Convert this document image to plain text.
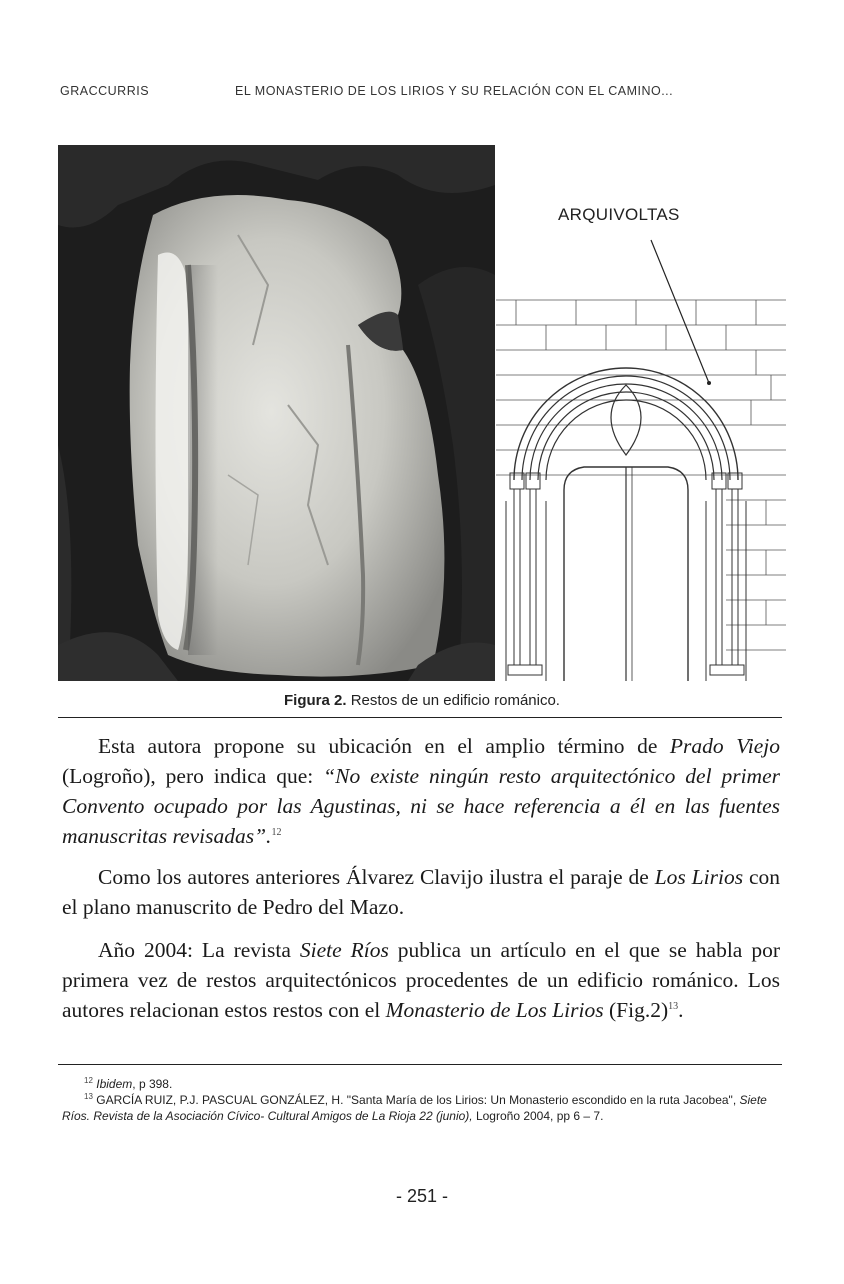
GRACCURRIS	EL MONASTERIO DE LOS LIRIOS Y SU RELACIÓN CON EL CAMINO...
ARQUIVOLTAS
Figura 2. Restos de un edificio románico.
Esta autora propone su ubicación en el amplio término de Prado Viejo (Logroño), pero indica que: “No existe ningún resto arquitectónico del primer Convento ocupado por las Agustinas, ni se hace referencia a él en las fuentes manuscritas revisadas”.$^{12}$
Como los autores anteriores Álvarez Clavijo ilustra el paraje de Los Lirios con el plano manuscrito de Pedro del Mazo.
Año 2004: La revista Siete Ríos publica un artículo en el que se habla por primera vez de restos arquitectónicos procedentes de un edificio románico. Los autores relacionan estos restos con el Monasterio de Los Lirios $(Fig.2)^{13}$.

$^{12}$ Ibidem, p 398.

$^{13}$ GARCÍA RUIZ, P.J. PASCUAL GONZÁLEZ, H. "Santa María de los Lirios: Un Monasterio escondido en la ruta Jacobea", Siete Ríos. Revista de la Asociación Cívico- Cultural Amigos de La Rioja 22 (junio), Logroño 2004, pp 6 – 7.

- 251 -
